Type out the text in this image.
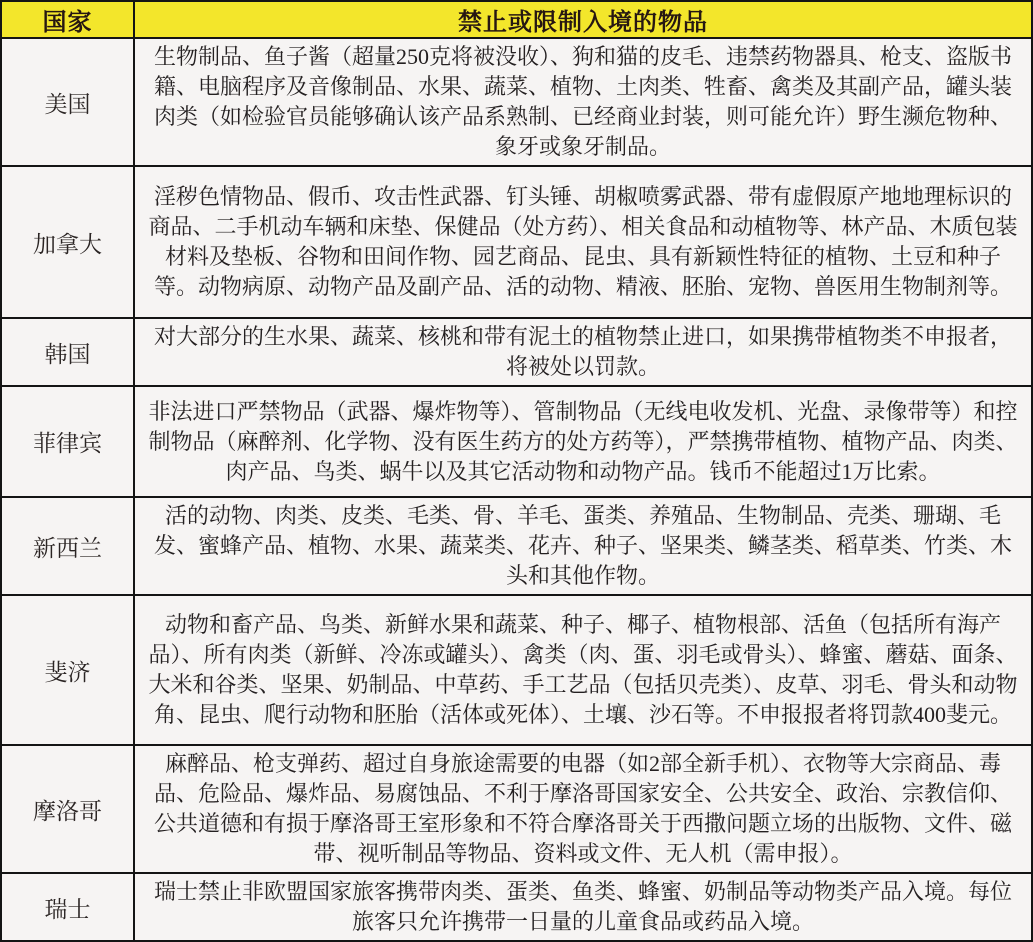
国家	禁止或限制入境的物品
美国	生物制品、鱼子酱（超量250克将被没收）、狗和猫的皮毛、违禁药物器具、枪支、盗版书籍、电脑程序及音像制品、水果、蔬菜、植物、土肉类、牲畜、禽类及其副产品，罐头装肉类（如检验官员能够确认该产品系熟制、已经商业封装，则可能允许）野生濒危物种、象牙或象牙制品。
加拿大	淫秽色情物品、假币、攻击性武器、钉头锤、胡椒喷雾武器、带有虚假原产地地理标识的商品、二手机动车辆和床垫、保健品（处方药）、相关食品和动植物等、林产品、木质包装材料及垫板、谷物和田间作物、园艺商品、昆虫、具有新颖性特征的植物、土豆和种子等。动物病原、动物产品及副产品、活的动物、精液、胚胎、宠物、兽医用生物制剂等。
韩国	对大部分的生水果、蔬菜、核桃和带有泥土的植物禁止进口，如果携带植物类不申报者，将被处以罚款。
菲律宾	非法进口严禁物品（武器、爆炸物等）、管制物品（无线电收发机、光盘、录像带等）和控制物品（麻醉剂、化学物、没有医生药方的处方药等），严禁携带植物、植物产品、肉类、肉产品、鸟类、蜗牛以及其它活动物和动物产品。钱币不能超过1万比索。
新西兰	活的动物、肉类、皮类、毛类、骨、羊毛、蛋类、养殖品、生物制品、壳类、珊瑚、毛发、蜜蜂产品、植物、水果、蔬菜类、花卉、种子、坚果类、鳞茎类、稻草类、竹类、木头和其他作物。
斐济	动物和畜产品、鸟类、新鲜水果和蔬菜、种子、椰子、植物根部、活鱼（包括所有海产品）、所有肉类（新鲜、冷冻或罐头）、禽类（肉、蛋、羽毛或骨头）、蜂蜜、蘑菇、面条、大米和谷类、坚果、奶制品、中草药、手工艺品（包括贝壳类）、皮草、羽毛、骨头和动物角、昆虫、爬行动物和胚胎（活体或死体）、土壤、沙石等。不申报报者将罚款400斐元。
摩洛哥	麻醉品、枪支弹药、超过自身旅途需要的电器（如2部全新手机）、衣物等大宗商品、毒品、危险品、爆炸品、易腐蚀品、不利于摩洛哥国家安全、公共安全、政治、宗教信仰、公共道德和有损于摩洛哥王室形象和不符合摩洛哥关于西撒问题立场的出版物、文件、磁带、视听制品等物品、资料或文件、无人机（需申报）。
瑞士	瑞士禁止非欧盟国家旅客携带肉类、蛋类、鱼类、蜂蜜、奶制品等动物类产品入境。每位旅客只允许携带一日量的儿童食品或药品入境。
